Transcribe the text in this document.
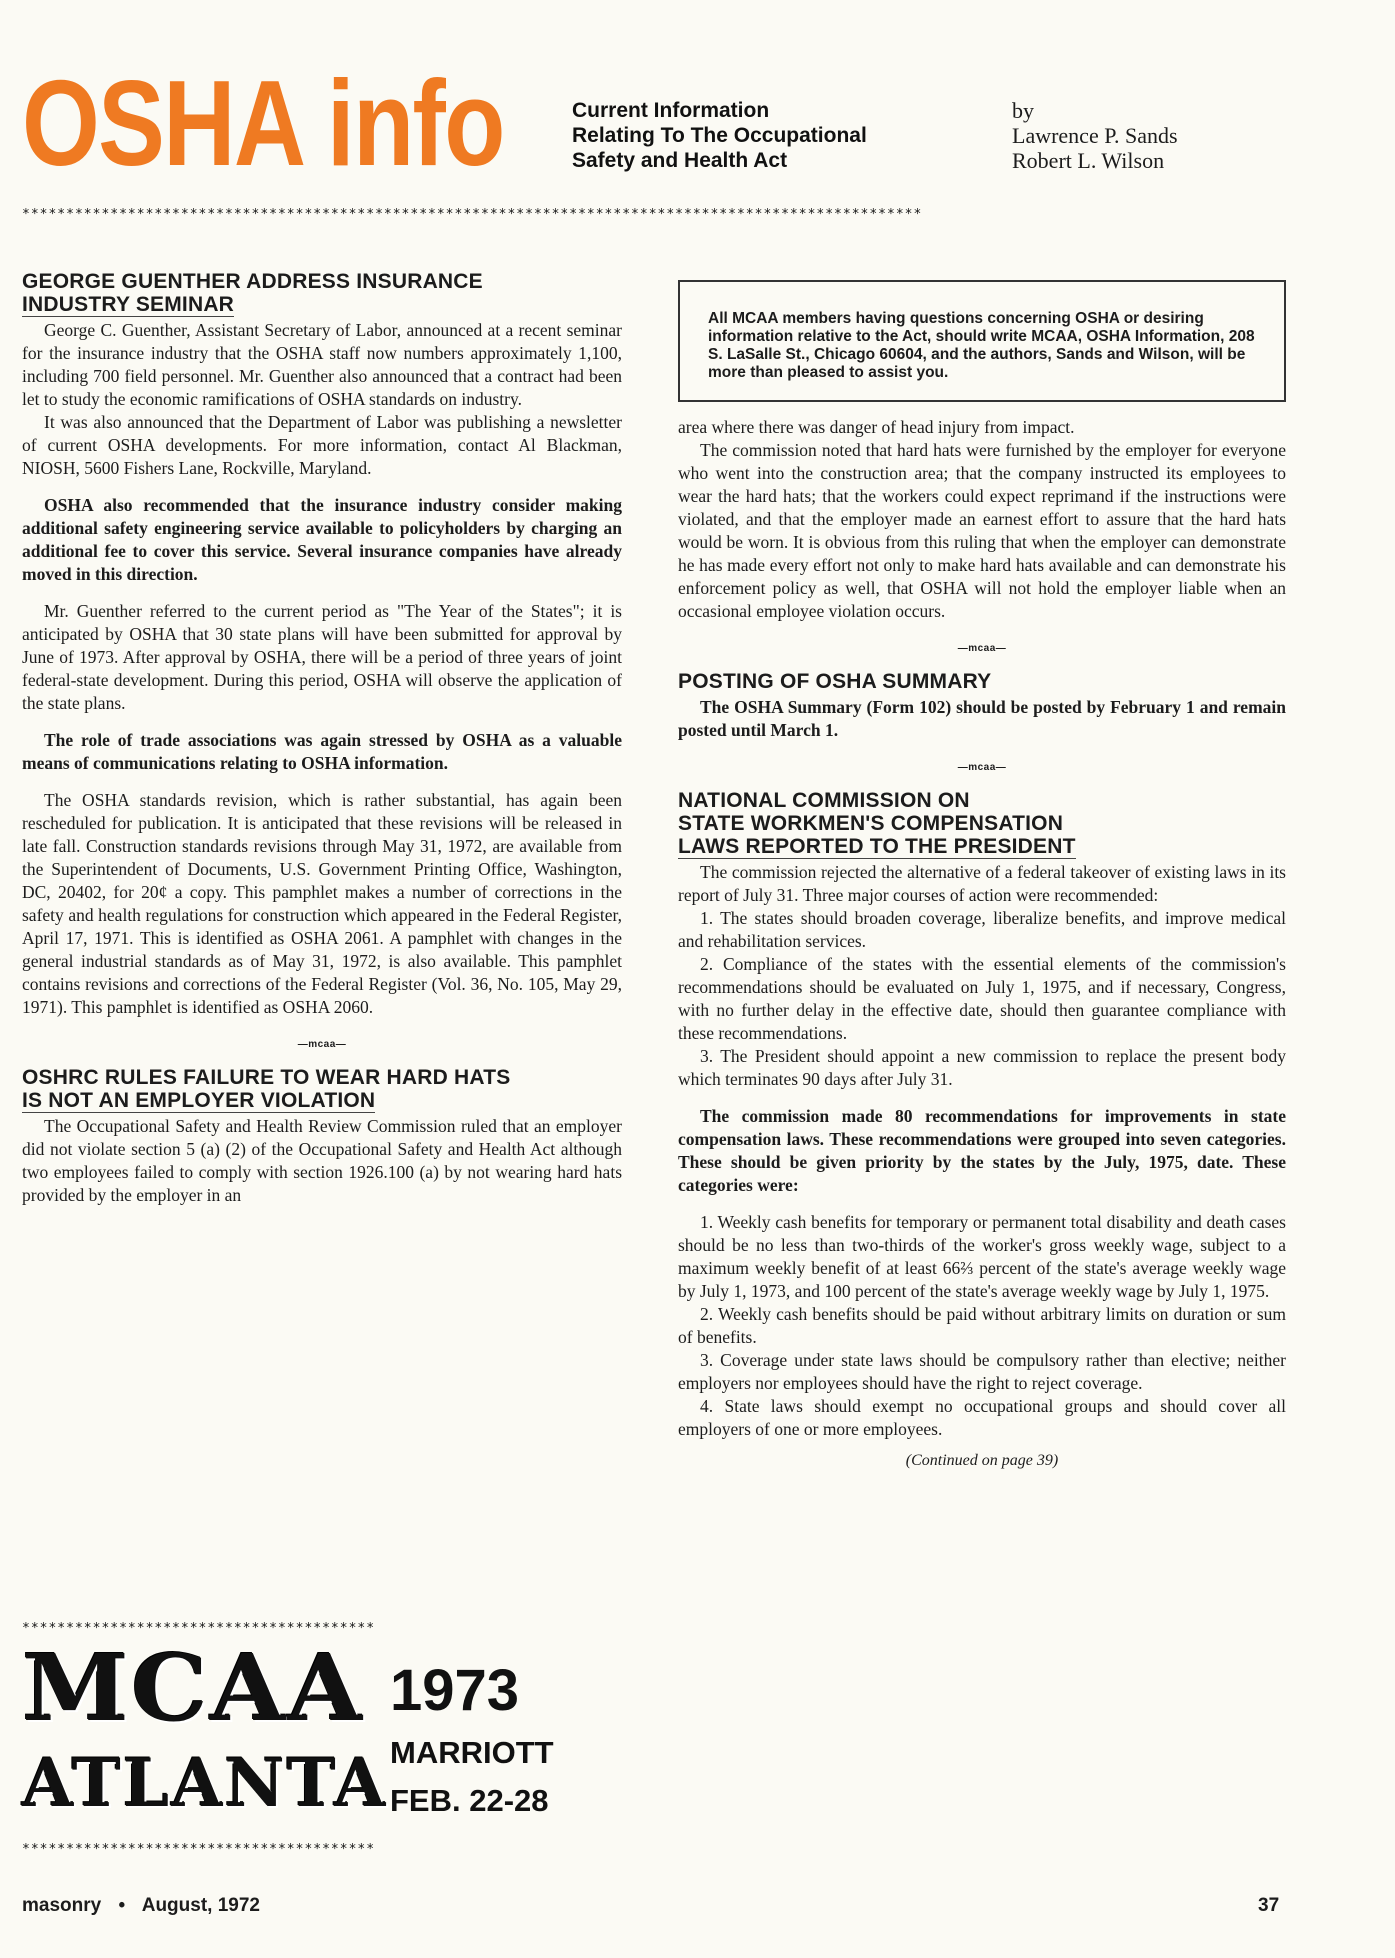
OSHA info	Current Information
Relating To The Occupational
Safety and Health Act
by
Lawrence P. Sands
Robert L. Wilson
******************************************************************************************************
GEORGE GUENTHER ADDRESS INSURANCE
INDUSTRY SEMINAR

George C. Guenther, Assistant Secretary of Labor, announced at a recent seminar for the insurance industry that the OSHA staff now numbers approximately 1,100, including 700 field personnel. Mr. Guenther also announced that a contract had been let to study the economic ramifications of OSHA standards on industry.

It was also announced that the Department of Labor was publishing a newsletter of current OSHA developments. For more information, contact Al Blackman, NIOSH, 5600 Fishers Lane, Rockville, Maryland.

OSHA also recommended that the insurance industry consider making additional safety engineering service available to policyholders by charging an additional fee to cover this service. Several insurance companies have already moved in this direction.

Mr. Guenther referred to the current period as "The Year of the States"; it is anticipated by OSHA that 30 state plans will have been submitted for approval by June of 1973. After approval by OSHA, there will be a period of three years of joint federal-state development. During this period, OSHA will observe the application of the state plans.

The role of trade associations was again stressed by OSHA as a valuable means of communications relating to OSHA information.

The OSHA standards revision, which is rather substantial, has again been rescheduled for publication. It is anticipated that these revisions will be released in late fall. Construction standards revisions through May 31, 1972, are available from the Superintendent of Documents, U.S. Government Printing Office, Washington, DC, 20402, for 20¢ a copy. This pamphlet makes a number of corrections in the safety and health regulations for construction which appeared in the Federal Register, April 17, 1971. This is identified as OSHA 2061. A pamphlet with changes in the general industrial standards as of May 31, 1972, is also available. This pamphlet contains revisions and corrections of the Federal Register (Vol. 36, No. 105, May 29, 1971). This pamphlet is identified as OSHA 2060.

—mcaa—
OSHRC RULES FAILURE TO WEAR HARD HATS
IS NOT AN EMPLOYER VIOLATION

The Occupational Safety and Health Review Commission ruled that an employer did not violate section 5 (a) (2) of the Occupational Safety and Health Act although two employees failed to comply with section 1926.100 (a) by not wearing hard hats provided by the employer in an

****************************************
MCAA
ATLANTA
1973
MARRIOTT
FEB. 22-28
****************************************
All MCAA members having questions concerning OSHA or desiring information relative to the Act, should write MCAA, OSHA Information, 208 S. LaSalle St., Chicago 60604, and the authors, Sands and Wilson, will be more than pleased to assist you.

area where there was danger of head injury from impact.

The commission noted that hard hats were furnished by the employer for everyone who went into the construction area; that the company instructed its employees to wear the hard hats; that the workers could expect reprimand if the instructions were violated, and that the employer made an earnest effort to assure that the hard hats would be worn. It is obvious from this ruling that when the employer can demonstrate he has made every effort not only to make hard hats available and can demonstrate his enforcement policy as well, that OSHA will not hold the employer liable when an occasional employee violation occurs.

—mcaa—
POSTING OF OSHA SUMMARY

The OSHA Summary (Form 102) should be posted by February 1 and remain posted until March 1.

—mcaa—
NATIONAL COMMISSION ON
STATE WORKMEN'S COMPENSATION
LAWS REPORTED TO THE PRESIDENT

The commission rejected the alternative of a federal takeover of existing laws in its report of July 31. Three major courses of action were recommended:

1. The states should broaden coverage, liberalize benefits, and improve medical and rehabilitation services.

2. Compliance of the states with the essential elements of the commission's recommendations should be evaluated on July 1, 1975, and if necessary, Congress, with no further delay in the effective date, should then guarantee compliance with these recommendations.

3. The President should appoint a new commission to replace the present body which terminates 90 days after July 31.

The commission made 80 recommendations for improvements in state compensation laws. These recommendations were grouped into seven categories. These should be given priority by the states by the July, 1975, date. These categories were:

1. Weekly cash benefits for temporary or permanent total disability and death cases should be no less than two-thirds of the worker's gross weekly wage, subject to a maximum weekly benefit of at least 66⅔ percent of the state's average weekly wage by July 1, 1973, and 100 percent of the state's average weekly wage by July 1, 1975.

2. Weekly cash benefits should be paid without arbitrary limits on duration or sum of benefits.

3. Coverage under state laws should be compulsory rather than elective; neither employers nor employees should have the right to reject coverage.

4. State laws should exempt no occupational groups and should cover all employers of one or more employees.

(Continued on page 39)
masonry • August, 1972	37
